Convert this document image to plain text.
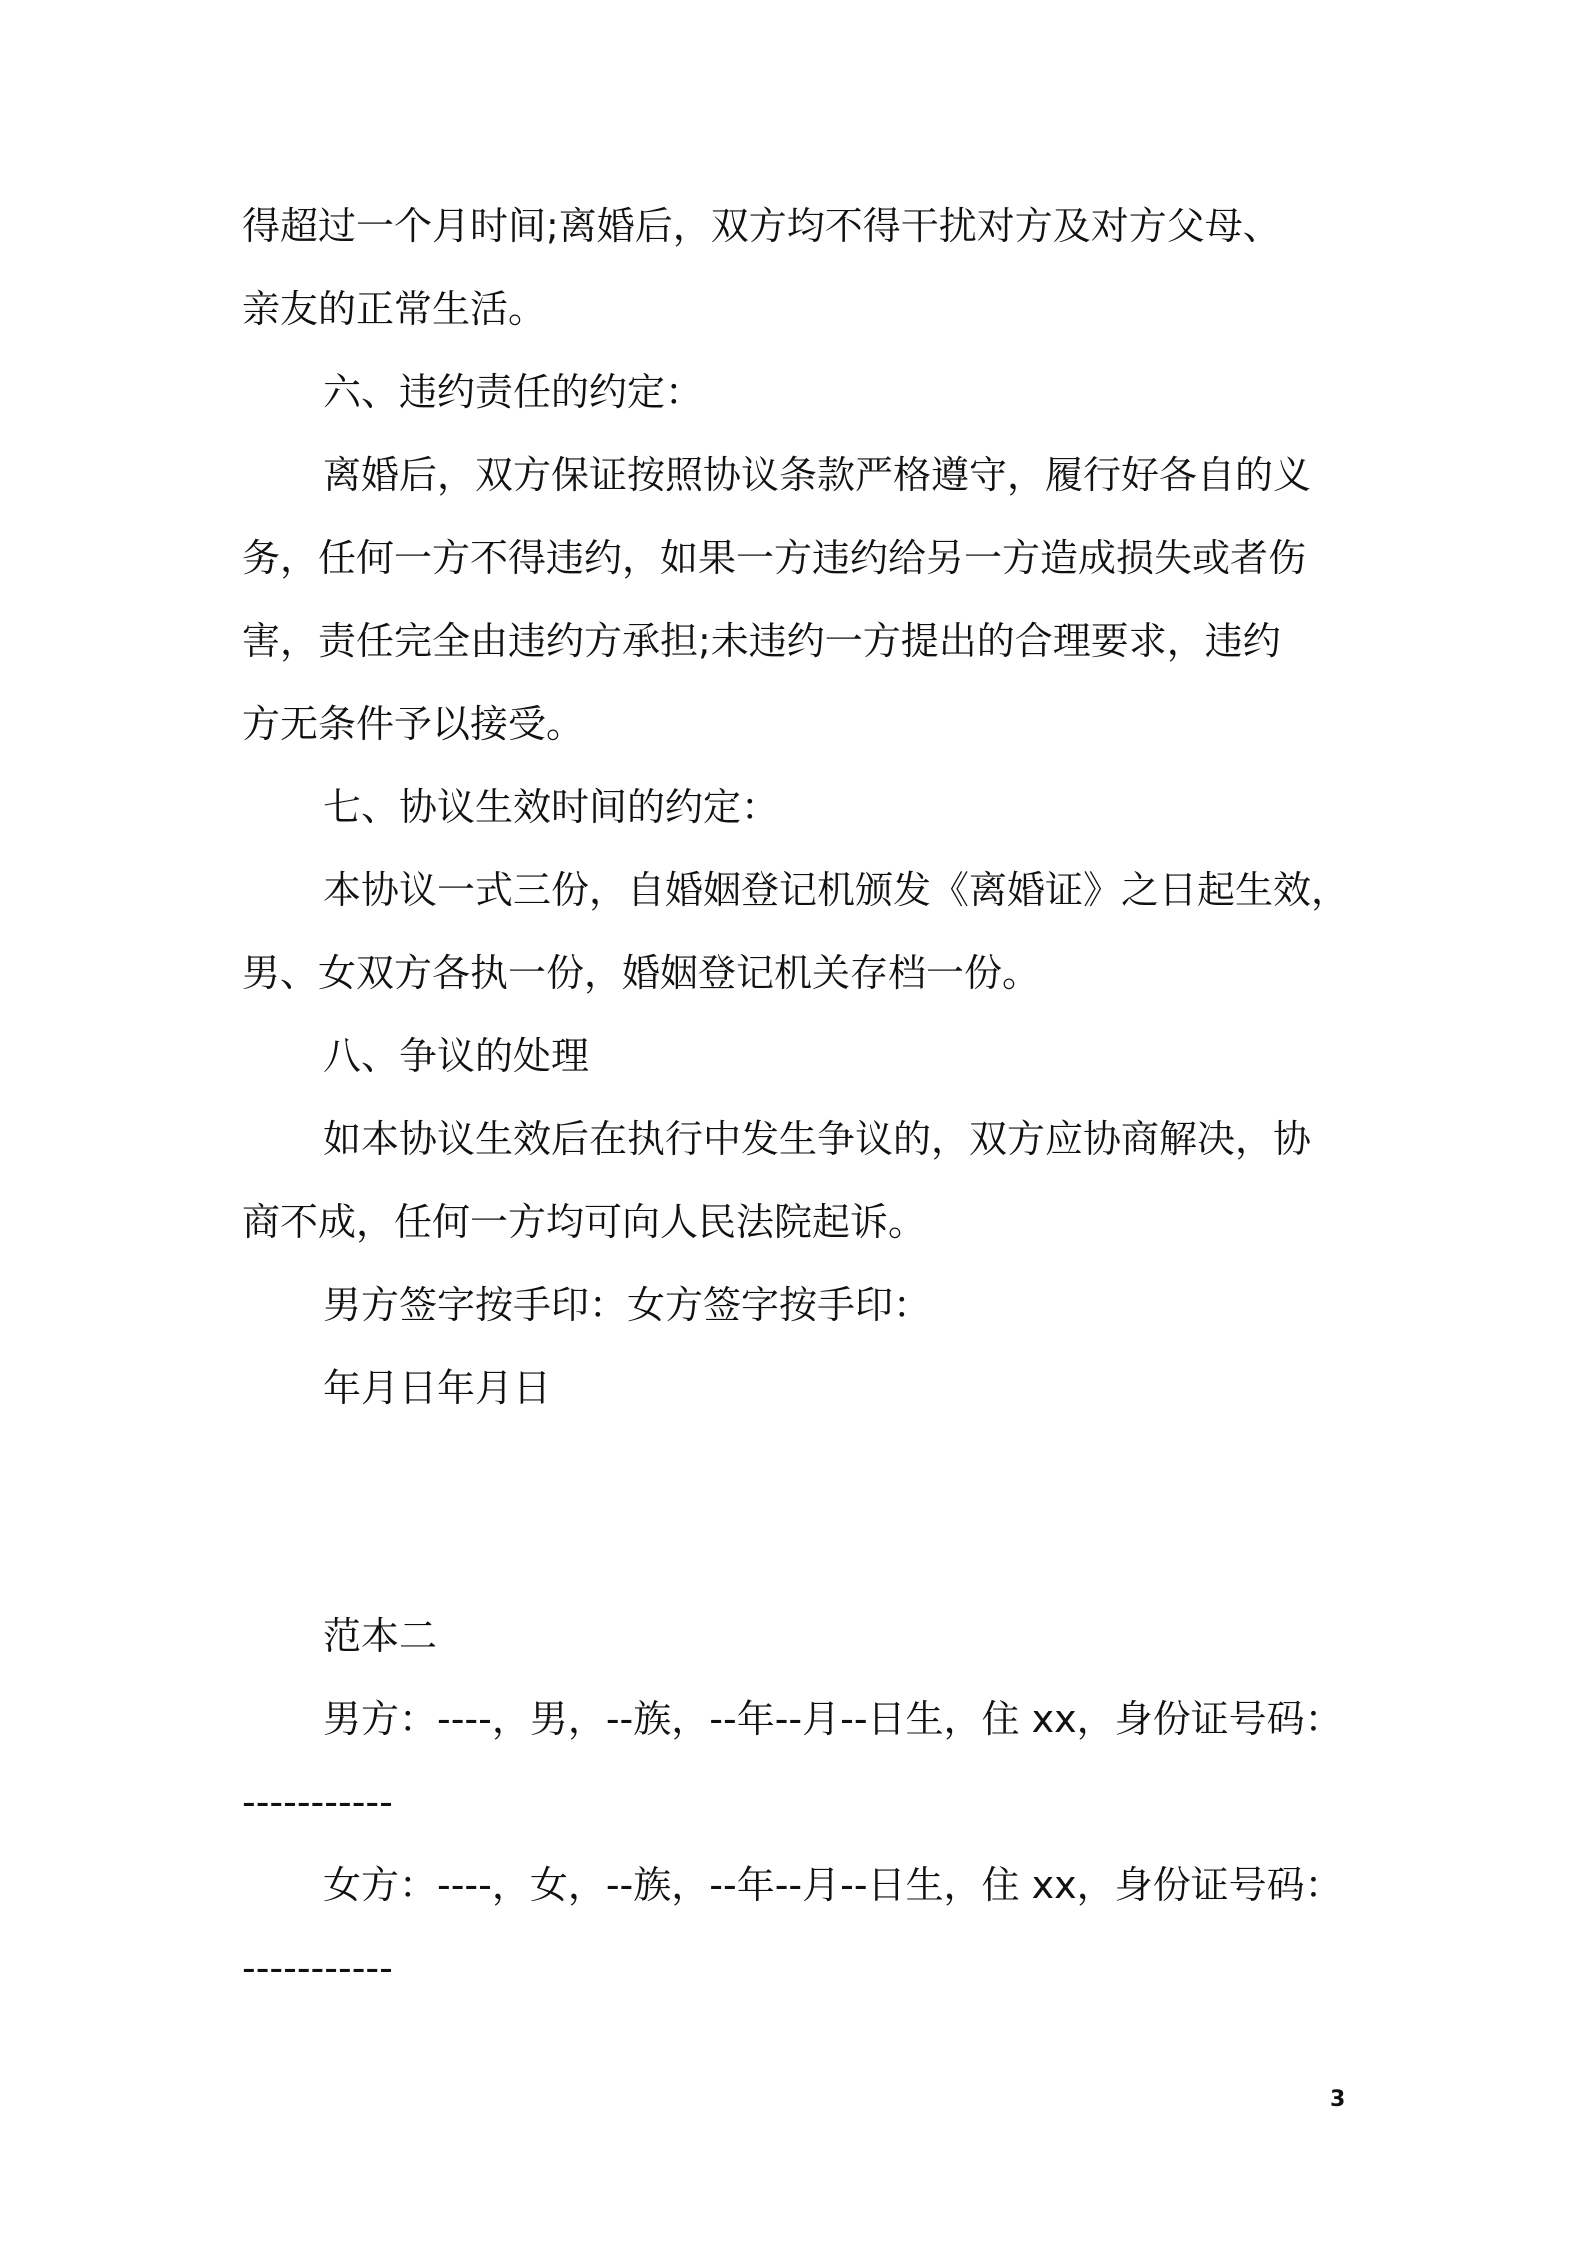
得超过一个月时间;离婚后，双方均不得干扰对方及对方父母、
亲友的正常生活。
六、违约责任的约定：
离婚后，双方保证按照协议条款严格遵守，履行好各自的义
务，任何一方不得违约，如果一方违约给另一方造成损失或者伤
害，责任完全由违约方承担;未违约一方提出的合理要求，违约
方无条件予以接受。
七、协议生效时间的约定：
本协议一式三份，自婚姻登记机颁发《离婚证》之日起生效，
男、女双方各执一份，婚姻登记机关存档一份。
八、争议的处理
如本协议生效后在执行中发生争议的，双方应协商解决，协
商不成，任何一方均可向人民法院起诉。
男方签字按手印：女方签字按手印：
年月日年月日
范本二
男方：----，男，--族，--年--月--日生，住 xx，身份证号码：
-----------
女方：----，女，--族，--年--月--日生，住 xx，身份证号码：
-----------
3
